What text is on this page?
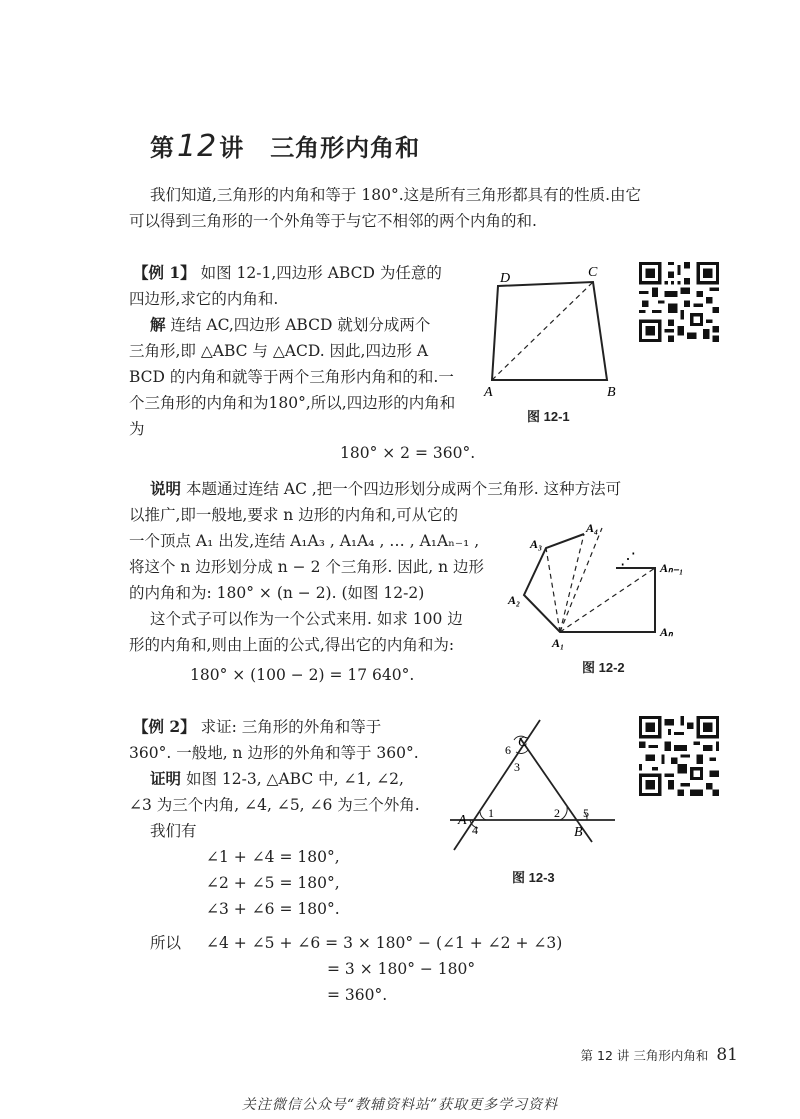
第12讲 三角形内角和
我们知道,三角形的内角和等于 180°.这是所有三角形都具有的性质.由它
可以得到三角形的一个外角等于与它不相邻的两个内角的和.
【例 1】 如图 12-1,四边形 ABCD 为任意的
四边形,求它的内角和.
解 连结 AC,四边形 ABCD 就划分成两个
三角形,即 △ABC 与 △ACD. 因此,四边形 A
BCD 的内角和就等于两个三角形内角和的和.一
个三角形的内角和为180°,所以,四边形的内角和
为
180° × 2 = 360°.
D	C
A	B
图 12-1
说明 本题通过连结 AC ,把一个四边形划分成两个三角形. 这种方法可
以推广,即一般地,要求 n 边形的内角和,可从它的
一个顶点 A₁ 出发,连结 A₁A₃ , A₁A₄ , … , A₁Aₙ₋₁ ,
将这个 n 边形划分成 n − 2 个三角形. 因此, n 边形
的内角和为: 180° × (n − 2). (如图 12-2)
这个式子可以作为一个公式来用. 如求 100 边
形的内角和,则由上面的公式,得出它的内角和为:
180° × (100 − 2) = 17 640°.
A₁
A₂
A₃
A₄
Aₙ₋₁
Aₙ
⋰
图 12-2
【例 2】 求证: 三角形的外角和等于
360°. 一般地, n 边形的外角和等于 360°.
证明 如图 12-3, △ABC 中, ∠1, ∠2,
∠3 为三个内角, ∠4, ∠5, ∠6 为三个外角.
我们有
∠1 + ∠4 = 180°,
∠2 + ∠5 = 180°,
∠3 + ∠6 = 180°.
所以 ∠4 + ∠5 + ∠6 = 3 × 180° − (∠1 + ∠2 + ∠3)
= 3 × 180° − 180°
= 360°.
A
B
C
1	2
3
4
5
6
图 12-3
第 12 讲 三角形内角和 81
关注微信公众号“教辅资料站”获取更多学习资料
